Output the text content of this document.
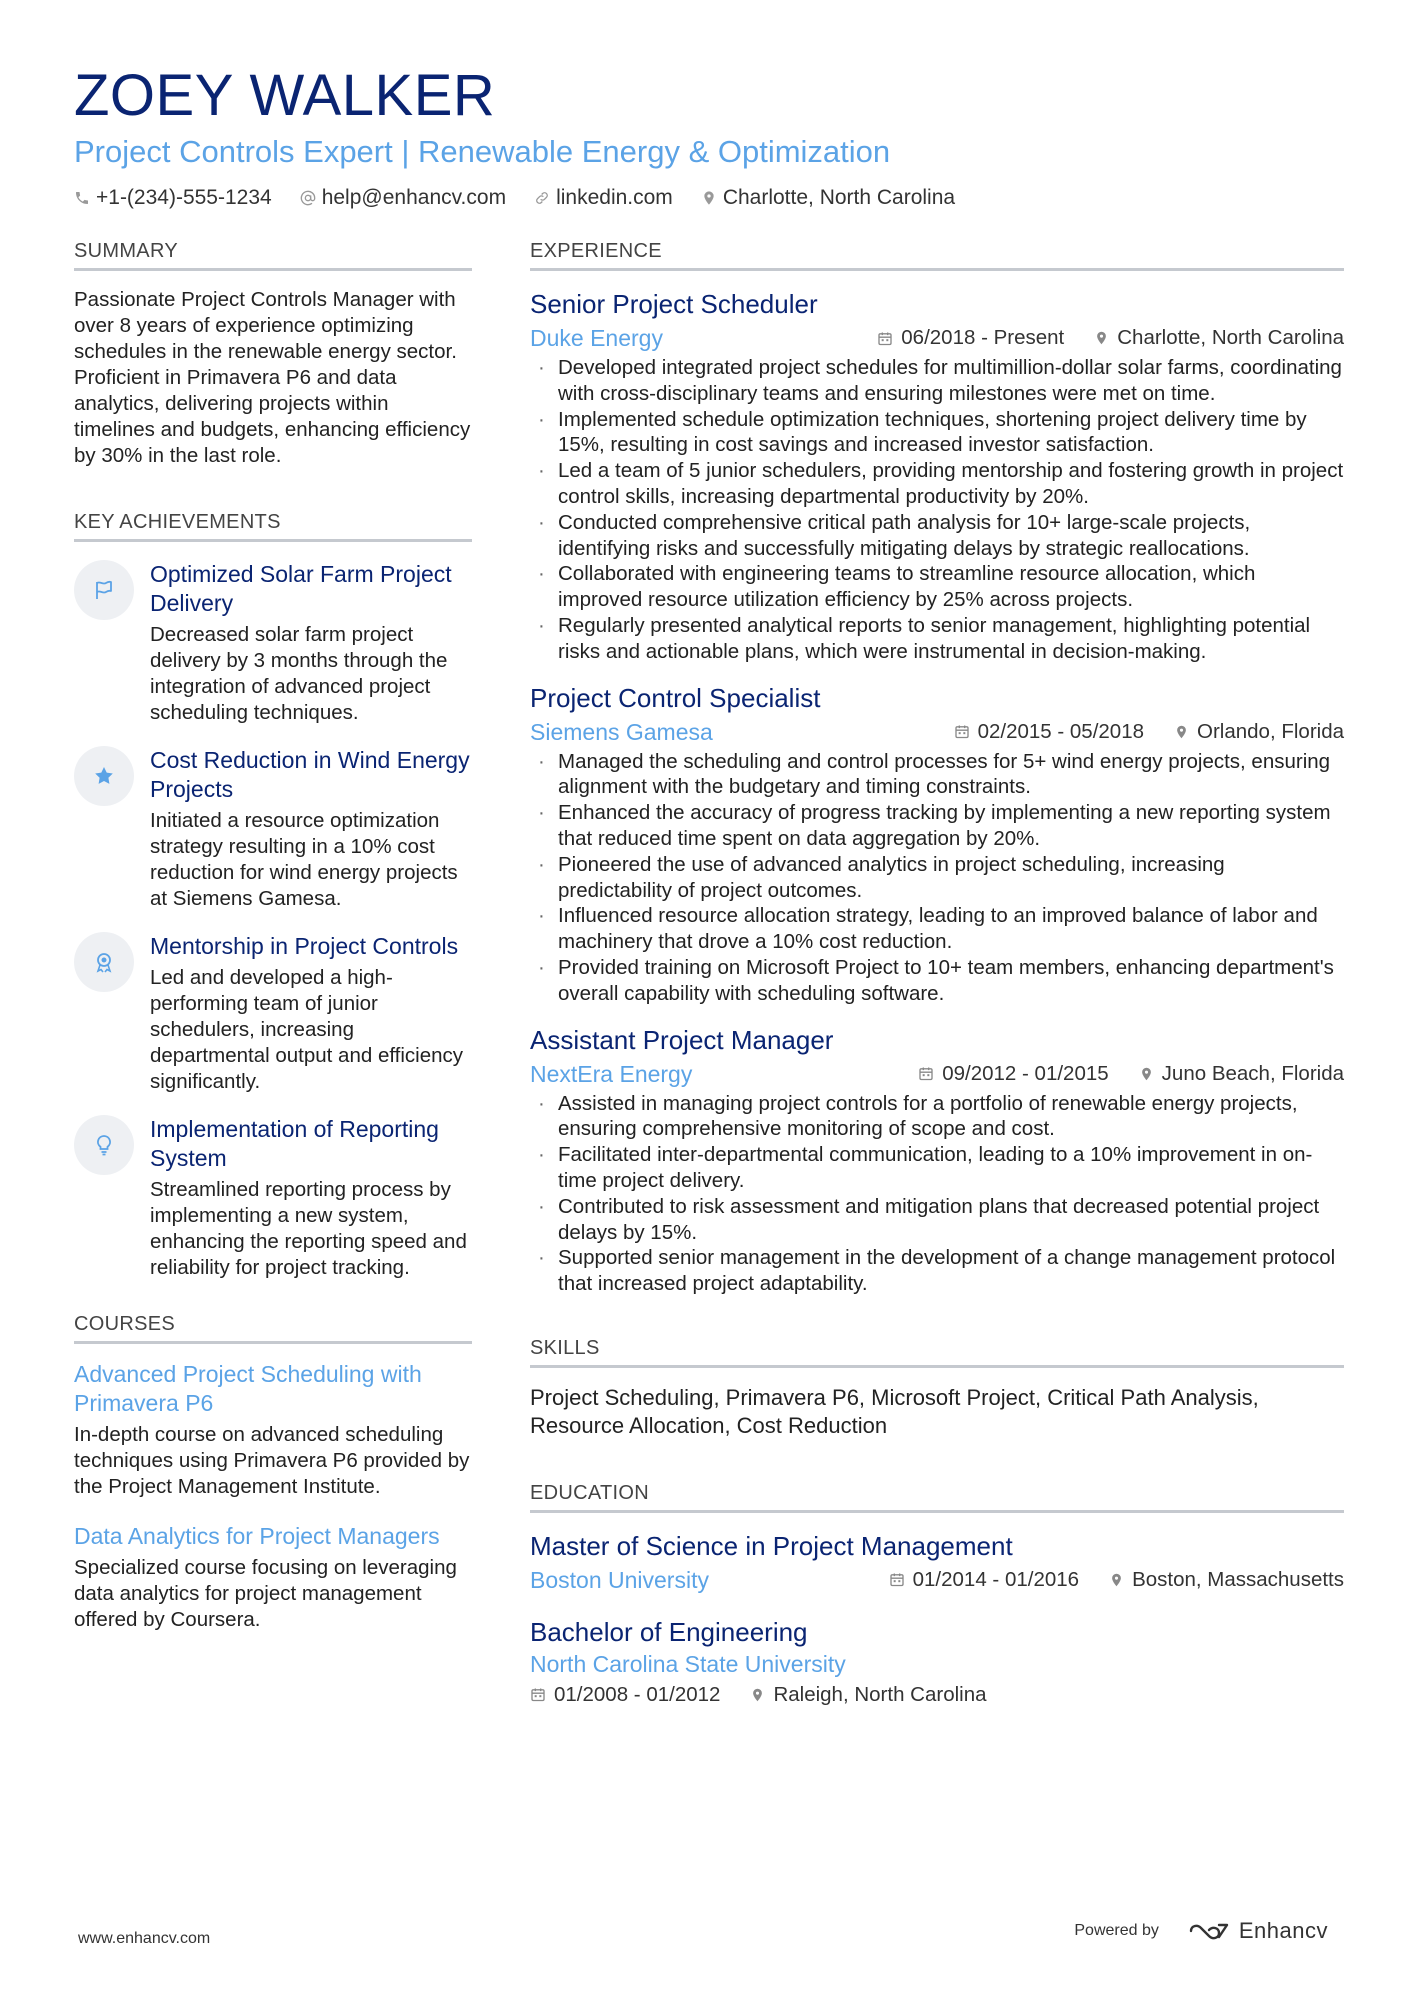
ZOEY WALKER
Project Controls Expert | Renewable Energy & Optimization
+1-(234)-555-1234 help@enhancv.com linkedin.com Charlotte, North Carolina
SUMMARY
Passionate Project Controls Manager with over 8 years of experience optimizing schedules in the renewable energy sector. Proficient in Primavera P6 and data analytics, delivering projects within timelines and budgets, enhancing efficiency by 30% in the last role.
KEY ACHIEVEMENTS
Optimized Solar Farm Project Delivery
Decreased solar farm project delivery by 3 months through the integration of advanced project scheduling techniques.
Cost Reduction in Wind Energy Projects
Initiated a resource optimization strategy resulting in a 10% cost reduction for wind energy projects at Siemens Gamesa.
Mentorship in Project Controls
Led and developed a high-performing team of junior schedulers, increasing departmental output and efficiency significantly.
Implementation of Reporting System
Streamlined reporting process by implementing a new system, enhancing the reporting speed and reliability for project tracking.
COURSES
Advanced Project Scheduling with Primavera P6
In-depth course on advanced scheduling techniques using Primavera P6 provided by the Project Management Institute.
Data Analytics for Project Managers
Specialized course focusing on leveraging data analytics for project management offered by Coursera.
EXPERIENCE
Senior Project Scheduler
Duke Energy	06/2018 - Present	Charlotte, North Carolina
· Developed integrated project schedules for multimillion-dollar solar farms, coordinating with cross-disciplinary teams and ensuring milestones were met on time.
· Implemented schedule optimization techniques, shortening project delivery time by 15%, resulting in cost savings and increased investor satisfaction.
· Led a team of 5 junior schedulers, providing mentorship and fostering growth in project control skills, increasing departmental productivity by 20%.
· Conducted comprehensive critical path analysis for 10+ large-scale projects, identifying risks and successfully mitigating delays by strategic reallocations.
· Collaborated with engineering teams to streamline resource allocation, which improved resource utilization efficiency by 25% across projects.
· Regularly presented analytical reports to senior management, highlighting potential risks and actionable plans, which were instrumental in decision-making.
Project Control Specialist
Siemens Gamesa	02/2015 - 05/2018	Orlando, Florida
· Managed the scheduling and control processes for 5+ wind energy projects, ensuring alignment with the budgetary and timing constraints.
· Enhanced the accuracy of progress tracking by implementing a new reporting system that reduced time spent on data aggregation by 20%.
· Pioneered the use of advanced analytics in project scheduling, increasing predictability of project outcomes.
· Influenced resource allocation strategy, leading to an improved balance of labor and machinery that drove a 10% cost reduction.
· Provided training on Microsoft Project to 10+ team members, enhancing department's overall capability with scheduling software.
Assistant Project Manager
NextEra Energy	09/2012 - 01/2015	Juno Beach, Florida
· Assisted in managing project controls for a portfolio of renewable energy projects, ensuring comprehensive monitoring of scope and cost.
· Facilitated inter-departmental communication, leading to a 10% improvement in on-time project delivery.
· Contributed to risk assessment and mitigation plans that decreased potential project delays by 15%.
· Supported senior management in the development of a change management protocol that increased project adaptability.
SKILLS
Project Scheduling, Primavera P6, Microsoft Project, Critical Path Analysis, Resource Allocation, Cost Reduction
EDUCATION
Master of Science in Project Management
Boston University	01/2014 - 01/2016	Boston, Massachusetts
Bachelor of Engineering
North Carolina State University
01/2008 - 01/2012	Raleigh, North Carolina
www.enhancv.com	Powered by	Enhancv
